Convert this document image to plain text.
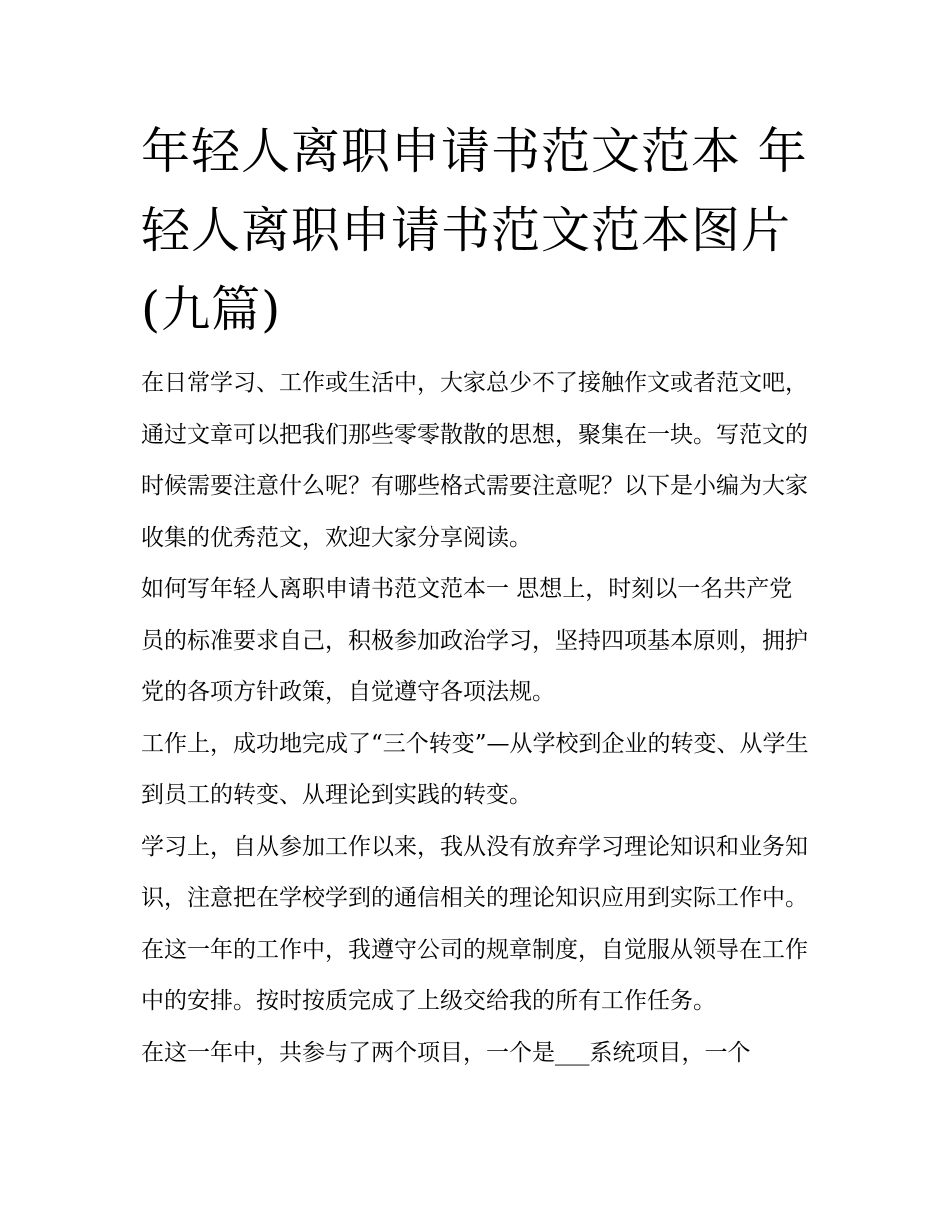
年轻人离职申请书范文范本 年轻人离职申请书范文范本图片(九篇)

在日常学习、工作或生活中，大家总少不了接触作文或者范文吧，通过文章可以把我们那些零零散散的思想，聚集在一块。写范文的时候需要注意什么呢？有哪些格式需要注意呢？以下是小编为大家收集的优秀范文，欢迎大家分享阅读。

如何写年轻人离职申请书范文范本一 思想上，时刻以一名共产党员的标准要求自己，积极参加政治学习，坚持四项基本原则，拥护党的各项方针政策，自觉遵守各项法规。

工作上，成功地完成了“三个转变”—从学校到企业的转变、从学生到员工的转变、从理论到实践的转变。

学习上，自从参加工作以来，我从没有放弃学习理论知识和业务知识，注意把在学校学到的通信相关的理论知识应用到实际工作中。

在这一年的工作中，我遵守公司的规章制度，自觉服从领导在工作中的安排。按时按质完成了上级交给我的所有工作任务。

在这一年中，共参与了两个项目，一个是___系统项目，一个
